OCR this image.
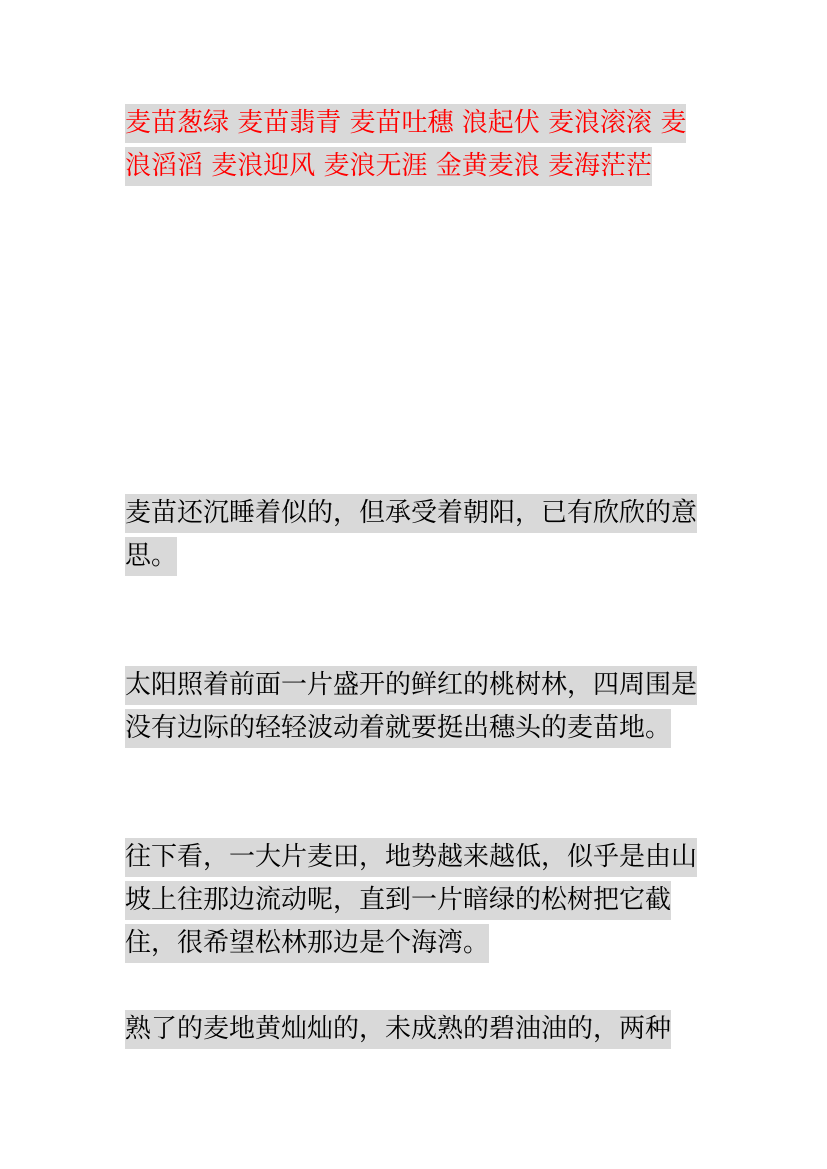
麦苗葱绿 麦苗翡青 麦苗吐穗 浪起伏 麦浪滚滚 麦浪滔滔 麦浪迎风 麦浪无涯 金黄麦浪 麦海茫茫

麦苗还沉睡着似的，但承受着朝阳，已有欣欣的意思。

太阳照着前面一片盛开的鲜红的桃树林，四周围是没有边际的轻轻波动着就要挺出穗头的麦苗地。

往下看，一大片麦田，地势越来越低，似乎是由山坡上往那边流动呢，直到一片暗绿的松树把它截住，很希望松林那边是个海湾。

熟了的麦地黄灿灿的，未成熟的碧油油的，两种
